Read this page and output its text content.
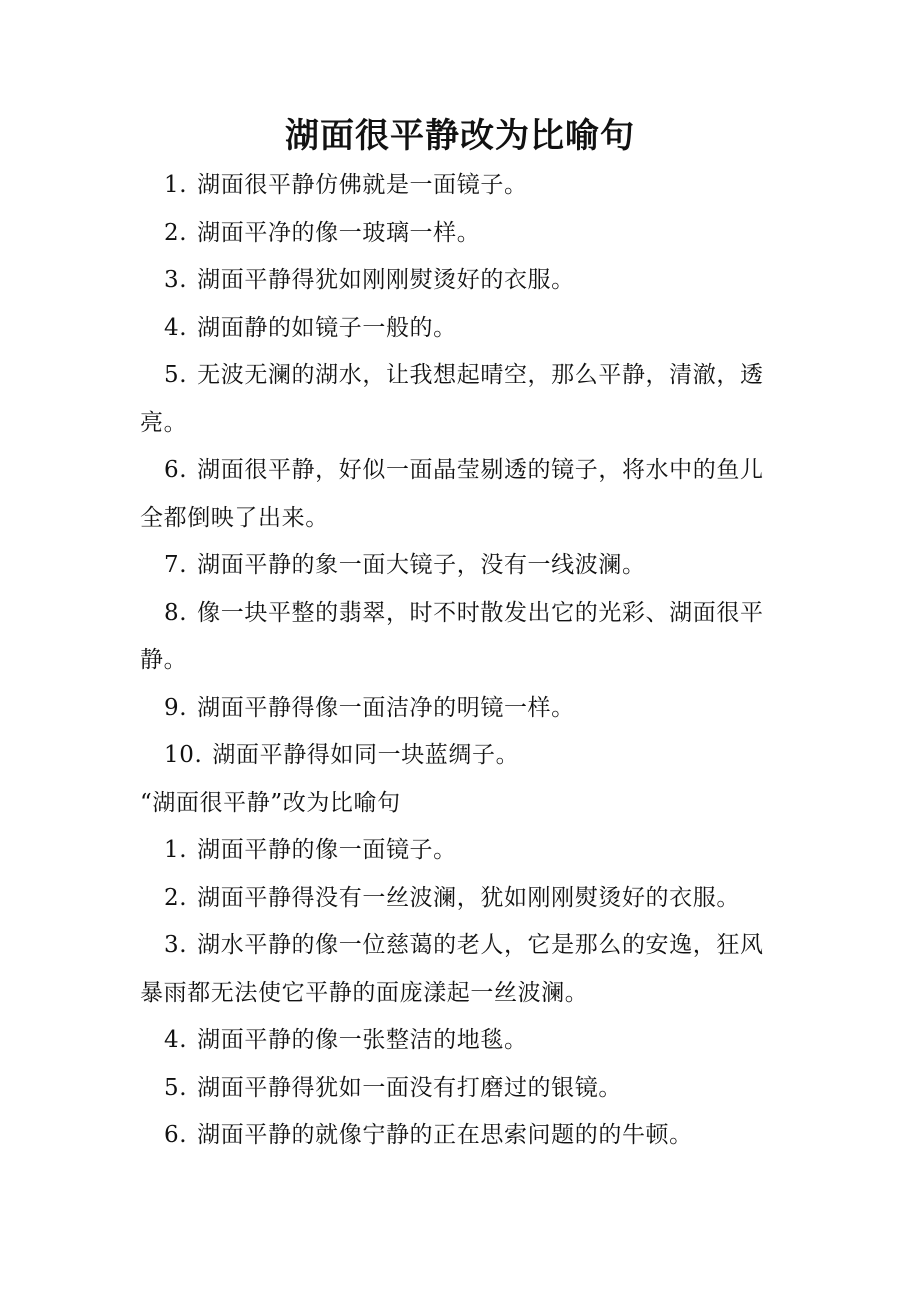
湖面很平静改为比喻句

1. 湖面很平静仿佛就是一面镜子。

2. 湖面平净的像一玻璃一样。

3. 湖面平静得犹如刚刚熨烫好的衣服。

4. 湖面静的如镜子一般的。

5. 无波无澜的湖水，让我想起晴空，那么平静，清澈，透亮。

6. 湖面很平静，好似一面晶莹剔透的镜子，将水中的鱼儿全都倒映了出来。

7. 湖面平静的象一面大镜子，没有一线波澜。

8. 像一块平整的翡翠，时不时散发出它的光彩、湖面很平静。

9. 湖面平静得像一面洁净的明镜一样。

10. 湖面平静得如同一块蓝绸子。

“湖面很平静”改为比喻句

1. 湖面平静的像一面镜子。

2. 湖面平静得没有一丝波澜，犹如刚刚熨烫好的衣服。

3. 湖水平静的像一位慈蔼的老人，它是那么的安逸，狂风暴雨都无法使它平静的面庞漾起一丝波澜。

4. 湖面平静的像一张整洁的地毯。

5. 湖面平静得犹如一面没有打磨过的银镜。

6. 湖面平静的就像宁静的正在思索问题的的牛顿。
